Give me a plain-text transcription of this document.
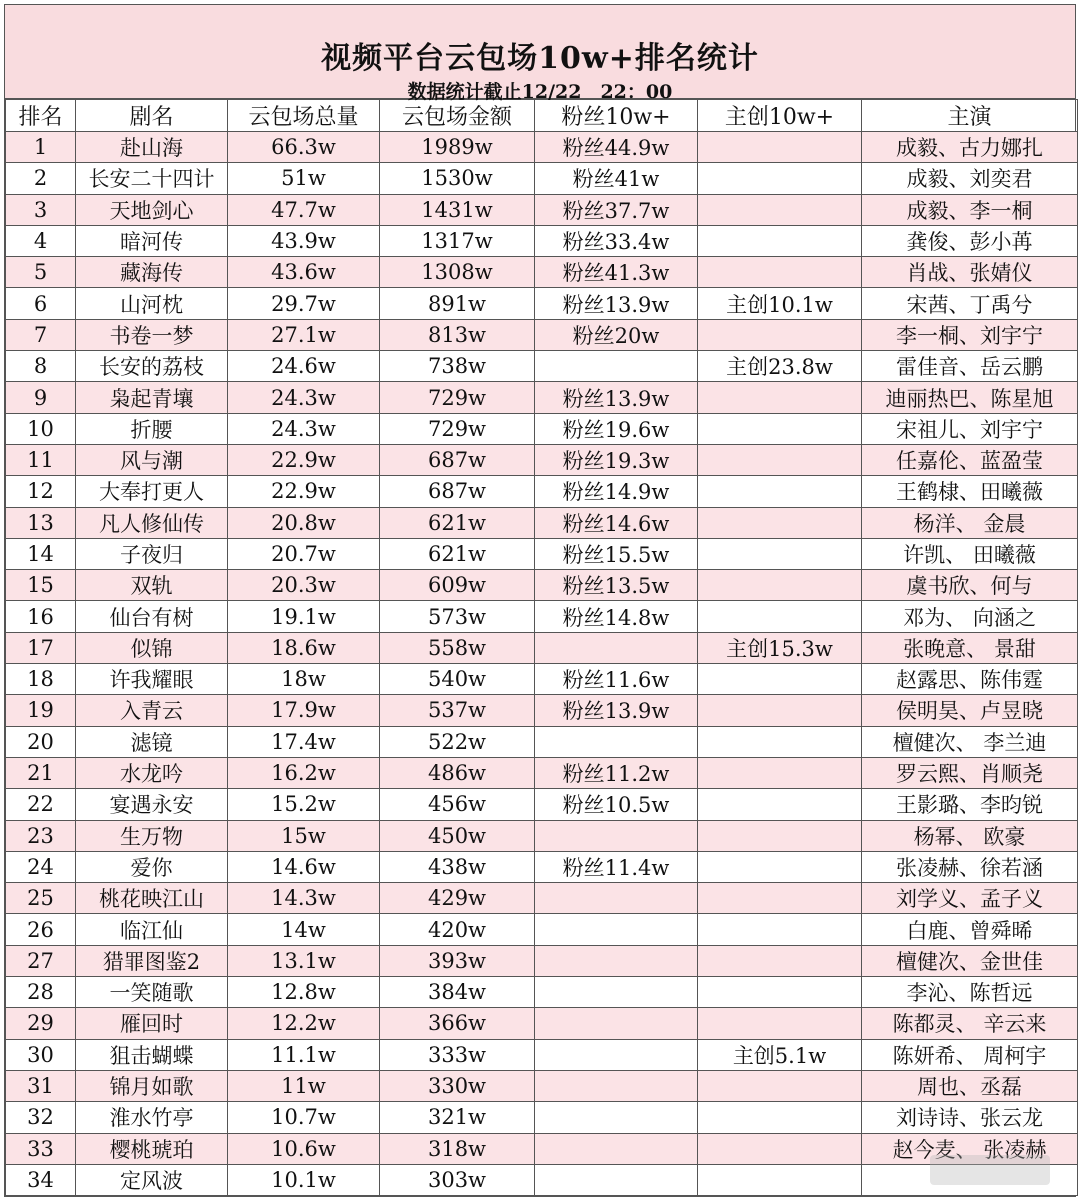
视频平台云包场10w+排名统计
数据统计截止12/22　22：00
排名	剧名	云包场总量	云包场金额	粉丝10w+	主创10w+	主演
1	赴山海	66.3w	1989w	粉丝44.9w		成毅、古力娜扎
2	长安二十四计	51w	1530w	粉丝41w		成毅、刘奕君
3	天地剑心	47.7w	1431w	粉丝37.7w		成毅、李一桐
4	暗河传	43.9w	1317w	粉丝33.4w		龚俊、彭小苒
5	藏海传	43.6w	1308w	粉丝41.3w		肖战、张婧仪
6	山河枕	29.7w	891w	粉丝13.9w	主创10.1w	宋茜、丁禹兮
7	书卷一梦	27.1w	813w	粉丝20w		李一桐、刘宇宁
8	长安的荔枝	24.6w	738w		主创23.8w	雷佳音、岳云鹏
9	枭起青壤	24.3w	729w	粉丝13.9w		迪丽热巴、陈星旭
10	折腰	24.3w	729w	粉丝19.6w		宋祖儿、刘宇宁
11	风与潮	22.9w	687w	粉丝19.3w		任嘉伦、蓝盈莹
12	大奉打更人	22.9w	687w	粉丝14.9w		王鹤棣、田曦薇
13	凡人修仙传	20.8w	621w	粉丝14.6w		杨洋、 金晨
14	子夜归	20.7w	621w	粉丝15.5w		许凯、 田曦薇
15	双轨	20.3w	609w	粉丝13.5w		虞书欣、何与
16	仙台有树	19.1w	573w	粉丝14.8w		邓为、 向涵之
17	似锦	18.6w	558w		主创15.3w	张晚意、 景甜
18	许我耀眼	18w	540w	粉丝11.6w		赵露思、陈伟霆
19	入青云	17.9w	537w	粉丝13.9w		侯明昊、卢昱晓
20	滤镜	17.4w	522w			檀健次、 李兰迪
21	水龙吟	16.2w	486w	粉丝11.2w		罗云熙、肖顺尧
22	宴遇永安	15.2w	456w	粉丝10.5w		王影璐、李昀锐
23	生万物	15w	450w			杨幂、 欧豪
24	爱你	14.6w	438w	粉丝11.4w		张凌赫、徐若涵
25	桃花映江山	14.3w	429w			刘学义、孟子义
26	临江仙	14w	420w			白鹿、曾舜晞
27	猎罪图鉴2	13.1w	393w			檀健次、金世佳
28	一笑随歌	12.8w	384w			李沁、陈哲远
29	雁回时	12.2w	366w			陈都灵、 辛云来
30	狙击蝴蝶	11.1w	333w		主创5.1w	陈妍希、 周柯宇
31	锦月如歌	11w	330w			周也、丞磊
32	淮水竹亭	10.7w	321w			刘诗诗、张云龙
33	樱桃琥珀	10.6w	318w			赵今麦、 张凌赫
34	定风波	10.1w	303w			
